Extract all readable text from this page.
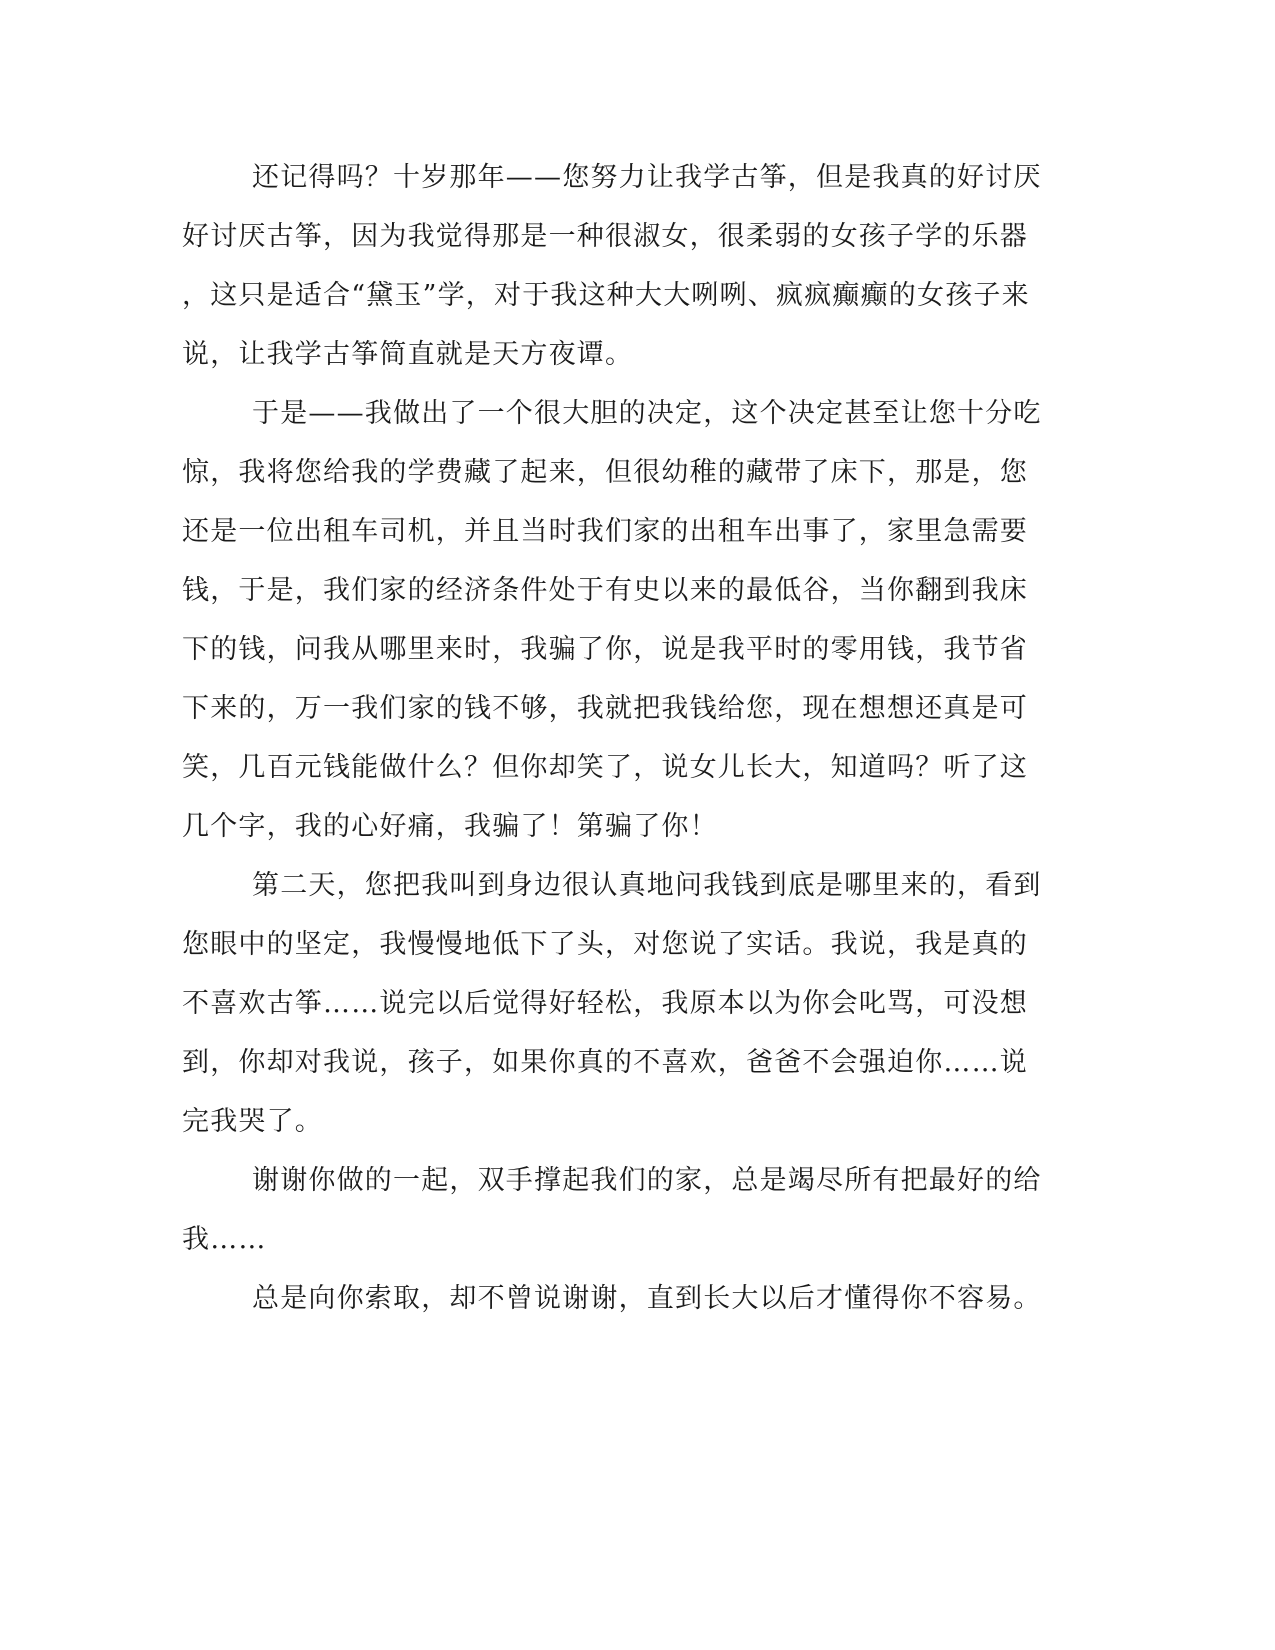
还记得吗？十岁那年——您努力让我学古筝，但是我真的好讨厌
好讨厌古筝，因为我觉得那是一种很淑女，很柔弱的女孩子学的乐器
，这只是适合“黛玉”学，对于我这种大大咧咧、疯疯癫癫的女孩子来
说，让我学古筝简直就是天方夜谭。
于是——我做出了一个很大胆的决定，这个决定甚至让您十分吃
惊，我将您给我的学费藏了起来，但很幼稚的藏带了床下，那是，您
还是一位出租车司机，并且当时我们家的出租车出事了，家里急需要
钱，于是，我们家的经济条件处于有史以来的最低谷，当你翻到我床
下的钱，问我从哪里来时，我骗了你，说是我平时的零用钱，我节省
下来的，万一我们家的钱不够，我就把我钱给您，现在想想还真是可
笑，几百元钱能做什么？但你却笑了，说女儿长大，知道吗？听了这
几个字，我的心好痛，我骗了！第骗了你！
第二天，您把我叫到身边很认真地问我钱到底是哪里来的，看到
您眼中的坚定，我慢慢地低下了头，对您说了实话。我说，我是真的
不喜欢古筝……说完以后觉得好轻松，我原本以为你会叱骂，可没想
到，你却对我说，孩子，如果你真的不喜欢，爸爸不会强迫你……说
完我哭了。
谢谢你做的一起，双手撑起我们的家，总是竭尽所有把最好的给
我……
总是向你索取，却不曾说谢谢，直到长大以后才懂得你不容易。
